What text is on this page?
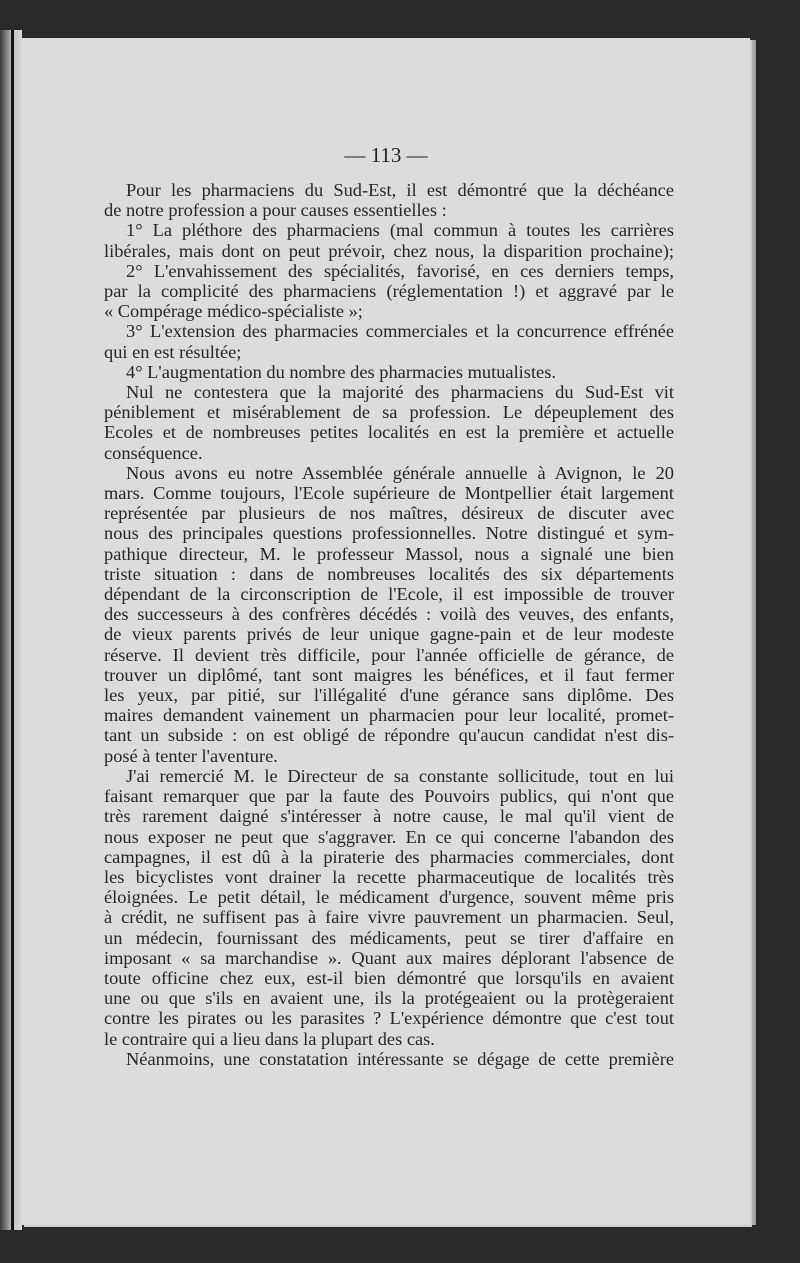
— 113 —
Pour les pharmaciens du Sud-Est, il est démontré que la déchéance
de notre profession a pour causes essentielles :
1° La pléthore des pharmaciens (mal commun à toutes les carrières
libérales, mais dont on peut prévoir, chez nous, la disparition prochaine);
2° L'envahissement des spécialités, favorisé, en ces derniers temps,
par la complicité des pharmaciens (réglementation !) et aggravé par le
« Compérage médico-spécialiste »;
3° L'extension des pharmacies commerciales et la concurrence effrénée
qui en est résultée;
4° L'augmentation du nombre des pharmacies mutualistes.
Nul ne contestera que la majorité des pharmaciens du Sud-Est vit
péniblement et misérablement de sa profession. Le dépeuplement des
Ecoles et de nombreuses petites localités en est la première et actuelle
conséquence.
Nous avons eu notre Assemblée générale annuelle à Avignon, le 20
mars. Comme toujours, l'Ecole supérieure de Montpellier était largement
représentée par plusieurs de nos maîtres, désireux de discuter avec
nous des principales questions professionnelles. Notre distingué et sym-
pathique directeur, M. le professeur Massol, nous a signalé une bien
triste situation : dans de nombreuses localités des six départements
dépendant de la circonscription de l'Ecole, il est impossible de trouver
des successeurs à des confrères décédés : voilà des veuves, des enfants,
de vieux parents privés de leur unique gagne-pain et de leur modeste
réserve. Il devient très difficile, pour l'année officielle de gérance, de
trouver un diplômé, tant sont maigres les bénéfices, et il faut fermer
les yeux, par pitié, sur l'illégalité d'une gérance sans diplôme. Des
maires demandent vainement un pharmacien pour leur localité, promet-
tant un subside : on est obligé de répondre qu'aucun candidat n'est dis-
posé à tenter l'aventure.
J'ai remercié M. le Directeur de sa constante sollicitude, tout en lui
faisant remarquer que par la faute des Pouvoirs publics, qui n'ont que
très rarement daigné s'intéresser à notre cause, le mal qu'il vient de
nous exposer ne peut que s'aggraver. En ce qui concerne l'abandon des
campagnes, il est dû à la piraterie des pharmacies commerciales, dont
les bicyclistes vont drainer la recette pharmaceutique de localités très
éloignées. Le petit détail, le médicament d'urgence, souvent même pris
à crédit, ne suffisent pas à faire vivre pauvrement un pharmacien. Seul,
un médecin, fournissant des médicaments, peut se tirer d'affaire en
imposant « sa marchandise ». Quant aux maires déplorant l'absence de
toute officine chez eux, est-il bien démontré que lorsqu'ils en avaient
une ou que s'ils en avaient une, ils la protégeaient ou la protègeraient
contre les pirates ou les parasites ? L'expérience démontre que c'est tout
le contraire qui a lieu dans la plupart des cas.
Néanmoins, une constatation intéressante se dégage de cette première
